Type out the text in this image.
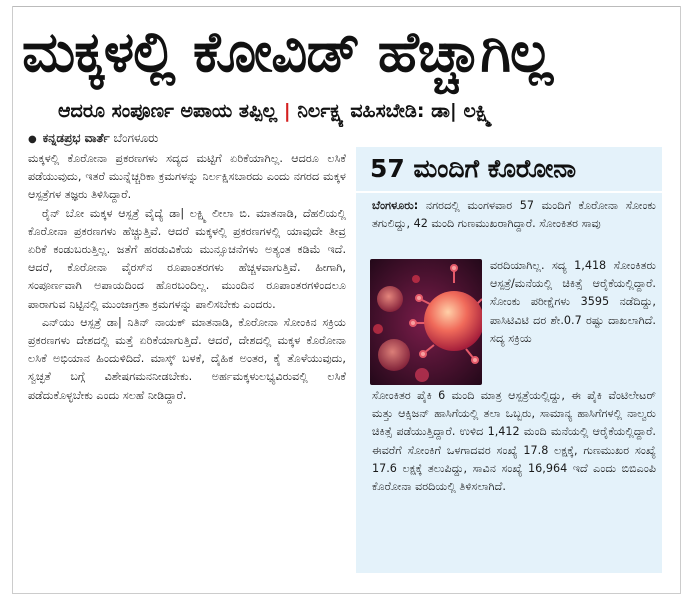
ಮಕ್ಕಳಲ್ಲಿ ಕೋವಿಡ್ ಹೆಚ್ಚಾಗಿಲ್ಲ
ಆದರೂ ಸಂಪೂರ್ಣ ಅಪಾಯ ತಪ್ಪಿಲ್ಲ | ನಿರ್ಲಕ್ಷ್ಯ ವಹಿಸಬೇಡಿ: ಡಾ| ಲಕ್ಷ್ಮಿ
● ಕನ್ನಡಪ್ರಭ ವಾರ್ತೆ ಬೆಂಗಳೂರು

ಮಕ್ಕಳಲ್ಲಿ ಕೊರೋನಾ ಪ್ರಕರಣಗಳು ಸದ್ಯದ ಮಟ್ಟಿಗೆ ಏರಿಕೆಯಾಗಿಲ್ಲ. ಆದರೂ ಲಸಿಕೆ ಪಡೆಯುವುದು, ಇತರೆ ಮುನ್ನೆಚ್ಚರಿಕಾ ಕ್ರಮಗಳನ್ನು ನಿರ್ಲಕ್ಷಿಸಬಾರದು ಎಂದು ನಗರದ ಮಕ್ಕಳ ಆಸ್ಪತ್ರೆಗಳ ತಜ್ಞರು ತಿಳಿಸಿದ್ದಾರೆ.

ರೈನ್ ಬೋ ಮಕ್ಕಳ ಆಸ್ಪತ್ರೆ ವೈದ್ಯೆ ಡಾ| ಲಕ್ಷ್ಮಿ ಲೀಲಾ ಬಿ. ಮಾತನಾಡಿ, ದೆಹಲಿಯಲ್ಲಿ ಕೊರೋನಾ ಪ್ರಕರಣಗಳು ಹೆಚ್ಚುತ್ತಿವೆ. ಆದರೆ ಮಕ್ಕಳಲ್ಲಿ ಪ್ರಕರಣಗಳಲ್ಲಿ ಯಾವುದೇ ತೀವ್ರ ಏರಿಕೆ ಕಂಡುಬರುತ್ತಿಲ್ಲ. ಜತೆಗೆ ಹರಡುವಿಕೆಯ ಮುನ್ಸೂಚನೆಗಳು ಅತ್ಯಂತ ಕಡಿಮೆ ಇದೆ. ಆದರೆ, ಕೊರೋನಾ ವೈರಸ್‌ನ ರೂಪಾಂತರಗಳು ಹೆಚ್ಚಳವಾಗುತ್ತಿವೆ. ಹೀಗಾಗಿ, ಸಂಪೂರ್ಣವಾಗಿ ಅಪಾಯದಿಂದ ಹೊರಬಂದಿಲ್ಲ. ಮುಂದಿನ ರೂಪಾಂತರಗಳಿಂದಲೂ ಪಾರಾಗುವ ನಿಟ್ಟಿನಲ್ಲಿ ಮುಂಜಾಗ್ರತಾ ಕ್ರಮಗಳನ್ನು ಪಾಲಿಸಬೇಕು ಎಂದರು.

ಎನ್‌ಯು ಆಸ್ಪತ್ರೆ ಡಾ| ನಿತಿನ್ ನಾಯಕ್ ಮಾತನಾಡಿ, ಕೊರೋನಾ ಸೋಂಕಿನ ಸಕ್ರಿಯ ಪ್ರಕರಣಗಳು ದೇಶದಲ್ಲಿ ಮತ್ತೆ ಏರಿಕೆಯಾಗುತ್ತಿದೆ. ಆದರೆ, ದೇಶದಲ್ಲಿ ಮಕ್ಕಳ ಕೊರೋನಾ ಲಸಿಕೆ ಅಭಿಯಾನ ಹಿಂದುಳಿದಿದೆ. ಮಾಸ್ಕ್ ಬಳಕೆ, ದೈಹಿಕ ಅಂತರ, ಕೈ ತೊಳೆಯುವುದು, ಸ್ವಚ್ಛತೆ ಬಗ್ಗೆ ವಿಶೇಷಗಮನನೀಡಬೇಕು. ಅರ್ಹಮಕ್ಕಳುಲಭ್ಯವಿರುವಲ್ಲಿ ಲಸಿಕೆ ಪಡೆದುಕೊಳ್ಳಬೇಕು ಎಂದು ಸಲಹೆ ನೀಡಿದ್ದಾರೆ.

57 ಮಂದಿಗೆ ಕೊರೋನಾ
ಬೆಂಗಳೂರು: ನಗರದಲ್ಲಿ ಮಂಗಳವಾರ 57 ಮಂದಿಗೆ ಕೊರೋನಾ ಸೋಂಕು ತಗುಲಿದ್ದು, 42 ಮಂದಿ ಗುಣಮುಖರಾಗಿದ್ದಾರೆ. ಸೋಂಕಿತರ ಸಾವು
ವರದಿಯಾಗಿಲ್ಲ. ಸದ್ಯ 1,418 ಸೋಂಕಿತರು ಆಸ್ಪತ್ರೆ/ಮನೆಯಲ್ಲಿ ಚಿಕಿತ್ಸೆ ಆರೈಕೆಯಲ್ಲಿದ್ದಾರೆ. ಸೋಂಕು ಪರೀಕ್ಷೆಗಳು 3595 ನಡೆದಿದ್ದು, ಪಾಸಿಟಿವಿಟಿ ದರ ಶೇ.0.7 ರಷ್ಟು ದಾಖಲಾಗಿದೆ. ಸದ್ಯ ಸಕ್ರಿಯ
ಸೋಂಕಿತರ ಪೈಕಿ 6 ಮಂದಿ ಮಾತ್ರ ಆಸ್ಪತ್ರೆಯಲ್ಲಿದ್ದು, ಈ ಪೈಕಿ ವೆಂಟಿಲೇಟರ್ ಮತ್ತು ಆಕ್ಸಿಜನ್ ಹಾಸಿಗೆಯಲ್ಲಿ ತಲಾ ಒಬ್ಬರು, ಸಾಮಾನ್ಯ ಹಾಸಿಗೆಗಳಲ್ಲಿ ನಾಲ್ವರು ಚಿಕಿತ್ಸೆ ಪಡೆಯುತ್ತಿದ್ದಾರೆ. ಉಳಿದ 1,412 ಮಂದಿ ಮನೆಯಲ್ಲಿ ಆರೈಕೆಯಲ್ಲಿದ್ದಾರೆ. ಈವರೆಗೆ ಸೋಂಕಿಗೆ ಒಳಗಾದವರ ಸಂಖ್ಯೆ 17.8 ಲಕ್ಷಕ್ಕೆ, ಗುಣಮುಖರ ಸಂಖ್ಯೆ 17.6 ಲಕ್ಷಕ್ಕೆ ತಲುಪಿದ್ದು, ಸಾವಿನ ಸಂಖ್ಯೆ 16,964 ಇದೆ ಎಂದು ಬಿಬಿಎಂಪಿ ಕೊರೋನಾ ವರದಿಯಲ್ಲಿ ತಿಳಿಸಲಾಗಿದೆ.
